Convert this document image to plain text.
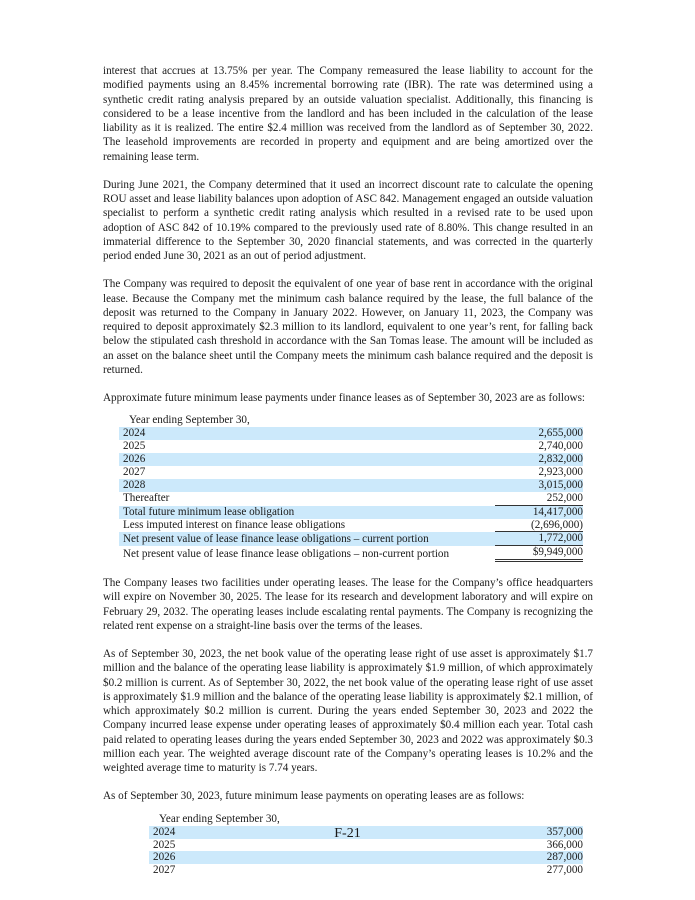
interest that accrues at 13.75% per year. The Company remeasured the lease liability to account for the modified payments using an 8.45% incremental borrowing rate (IBR). The rate was determined using a synthetic credit rating analysis prepared by an outside valuation specialist. Additionally, this financing is considered to be a lease incentive from the landlord and has been included in the calculation of the lease liability as it is realized. The entire $2.4 million was received from the landlord as of September 30, 2022. The leasehold improvements are recorded in property and equipment and are being amortized over the remaining lease term.

During June 2021, the Company determined that it used an incorrect discount rate to calculate the opening ROU asset and lease liability balances upon adoption of ASC 842. Management engaged an outside valuation specialist to perform a synthetic credit rating analysis which resulted in a revised rate to be used upon adoption of ASC 842 of 10.19% compared to the previously used rate of 8.80%. This change resulted in an immaterial difference to the September 30, 2020 financial statements, and was corrected in the quarterly period ended June 30, 2021 as an out of period adjustment.

The Company was required to deposit the equivalent of one year of base rent in accordance with the original lease. Because the Company met the minimum cash balance required by the lease, the full balance of the deposit was returned to the Company in January 2022. However, on January 11, 2023, the Company was required to deposit approximately $2.3 million to its landlord, equivalent to one year’s rent, for falling back below the stipulated cash threshold in accordance with the San Tomas lease. The amount will be included as an asset on the balance sheet until the Company meets the minimum cash balance required and the deposit is returned.

Approximate future minimum lease payments under finance leases as of September 30, 2023 are as follows:

Year ending September 30,	
2024	2,655,000
2025	2,740,000
2026	2,832,000
2027	2,923,000
2028	3,015,000
Thereafter	252,000
Total future minimum lease obligation	14,417,000
Less imputed interest on finance lease obligations	(2,696,000)
Net present value of lease finance lease obligations – current portion	1,772,000
Net present value of lease finance lease obligations – non-current portion	$9,949,000

The Company leases two facilities under operating leases. The lease for the Company’s office headquarters will expire on November 30, 2025. The lease for its research and development laboratory and will expire on February 29, 2032. The operating leases include escalating rental payments. The Company is recognizing the related rent expense on a straight-line basis over the terms of the leases.

As of September 30, 2023, the net book value of the operating lease right of use asset is approximately $1.7 million and the balance of the operating lease liability is approximately $1.9 million, of which approximately $0.2 million is current. As of September 30, 2022, the net book value of the operating lease right of use asset is approximately $1.9 million and the balance of the operating lease liability is approximately $2.1 million, of which approximately $0.2 million is current. During the years ended September 30, 2023 and 2022 the Company incurred lease expense under operating leases of approximately $0.4 million each year. Total cash paid related to operating leases during the years ended September 30, 2023 and 2022 was approximately $0.3 million each year. The weighted average discount rate of the Company’s operating leases is 10.2% and the weighted average time to maturity is 7.74 years.

As of September 30, 2023, future minimum lease payments on operating leases are as follows:

Year ending September 30,	
2024	357,000
2025	366,000
2026	287,000
2027	277,000
F-21
